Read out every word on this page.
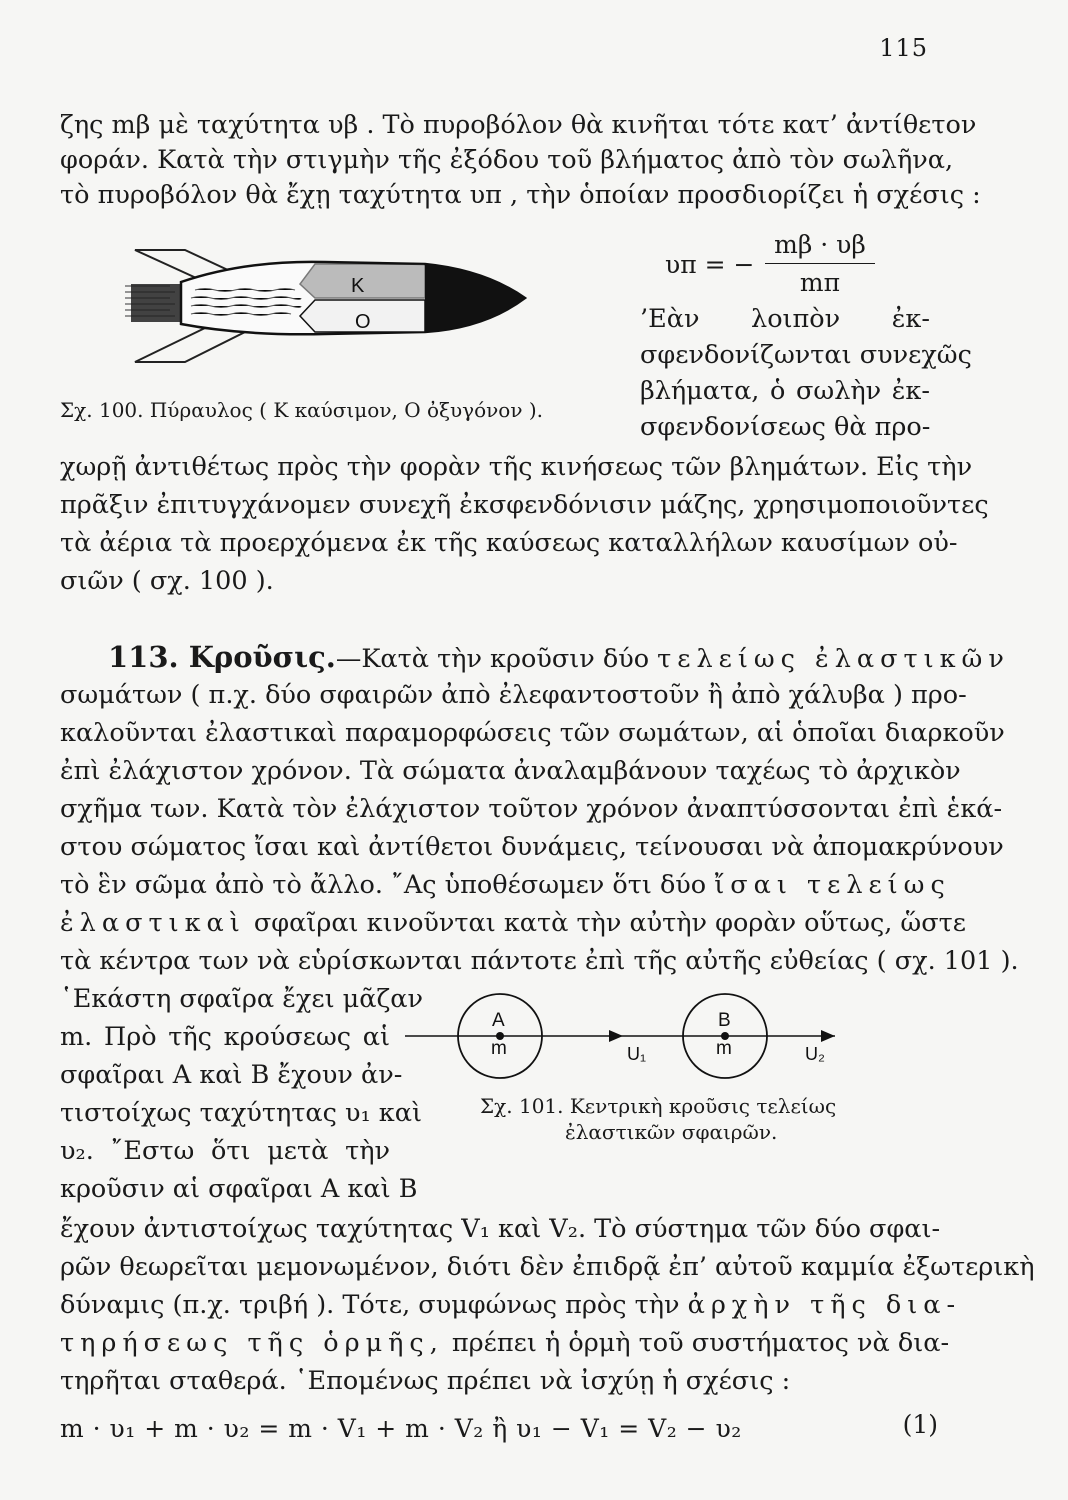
115
ζης mβ μὲ ταχύτητα υβ . Τὸ πυροβόλον θὰ κινῆται τότε κατ’ ἀντίθετον
φοράν. Κατὰ τὴν στιγμὴν τῆς ἐξόδου τοῦ βλήματος ἀπὸ τὸν σωλῆνα,
τὸ πυροβόλον θὰ ἔχῃ ταχύτητα υπ , τὴν ὁποίαν προσδιορίζει ἡ σχέσις :
υπ = −
mβ · υβ
mπ
K
O
Σχ. 100. Πύραυλος ( Κ καύσιμον, Ο ὀξυγόνον ).
’Εὰν λοιπὸν ἐκ-
σφενδονίζωνται συνεχῶς
βλήματα, ὁ σωλὴν ἐκ-
σφενδονίσεως θὰ προ-
χωρῇ ἀντιθέτως πρὸς τὴν φορὰν τῆς κινήσεως τῶν βλημάτων. Εἰς τὴν
πρᾶξιν ἐπιτυγχάνομεν συνεχῆ ἐκσφενδόνισιν μάζης, χρησιμοποιοῦντες
τὰ ἀέρια τὰ προερχόμενα ἐκ τῆς καύσεως καταλλήλων καυσίμων οὐ-
σιῶν ( σχ. 100 ).
113. Κροῦσις.—Κατὰ τὴν κροῦσιν δύο τελείως ἐλαστικῶν
σωμάτων ( π.χ. δύο σφαιρῶν ἀπὸ ἐλεφαντοστοῦν ἢ ἀπὸ χάλυβα ) προ-
καλοῦνται ἐλαστικαὶ παραμορφώσεις τῶν σωμάτων, αἱ ὁποῖαι διαρκοῦν
ἐπὶ ἐλάχιστον χρόνον. Τὰ σώματα ἀναλαμβάνουν ταχέως τὸ ἀρχικὸν
σχῆμα των. Κατὰ τὸν ἐλάχιστον τοῦτον χρόνον ἀναπτύσσονται ἐπὶ ἑκά-
στου σώματος ἴσαι καὶ ἀντίθετοι δυνάμεις, τείνουσαι νὰ ἀπομακρύνουν
τὸ ἓν σῶμα ἀπὸ τὸ ἄλλο. ῎Ας ὑποθέσωμεν ὅτι δύο ἴσαι τελείως
ἐλαστικαὶ σφαῖραι κινοῦνται κατὰ τὴν αὐτὴν φορὰν οὕτως, ὥστε
τὰ κέντρα των νὰ εὑρίσκωνται πάντοτε ἐπὶ τῆς αὐτῆς εὐθείας ( σχ. 101 ).
῾Εκάστη σφαῖρα ἔχει μᾶζαν
m. Πρὸ τῆς κρούσεως αἱ
σφαῖραι Α καὶ Β ἔχουν ἀν-
τιστοίχως ταχύτητας υ₁ καὶ
υ₂. ῎Εστω ὅτι μετὰ τὴν
κροῦσιν αἱ σφαῖραι Α καὶ Β
A
m
B
m
U₁	U₂
Σχ. 101. Κεντρικὴ κροῦσις τελείως
ἐλαστικῶν σφαιρῶν.
ἔχουν ἀντιστοίχως ταχύτητας V₁ καὶ V₂. Τὸ σύστημα τῶν δύο σφαι-
ρῶν θεωρεῖται μεμονωμένον, διότι δὲν ἐπιδρᾷ ἐπ’ αὐτοῦ καμμία ἐξωτερικὴ
δύναμις (π.χ. τριβή ). Τότε, συμφώνως πρὸς τὴν ἀρχὴν τῆς δια-
τηρήσεως τῆς ὁρμῆς, πρέπει ἡ ὁρμὴ τοῦ συστήματος νὰ δια-
τηρῆται σταθερά. ῾Επομένως πρέπει νὰ ἰσχύῃ ἡ σχέσις :
m · υ₁ + m · υ₂ = m · V₁ + m · V₂ ἢ υ₁ − V₁ = V₂ − υ₂	(1)
